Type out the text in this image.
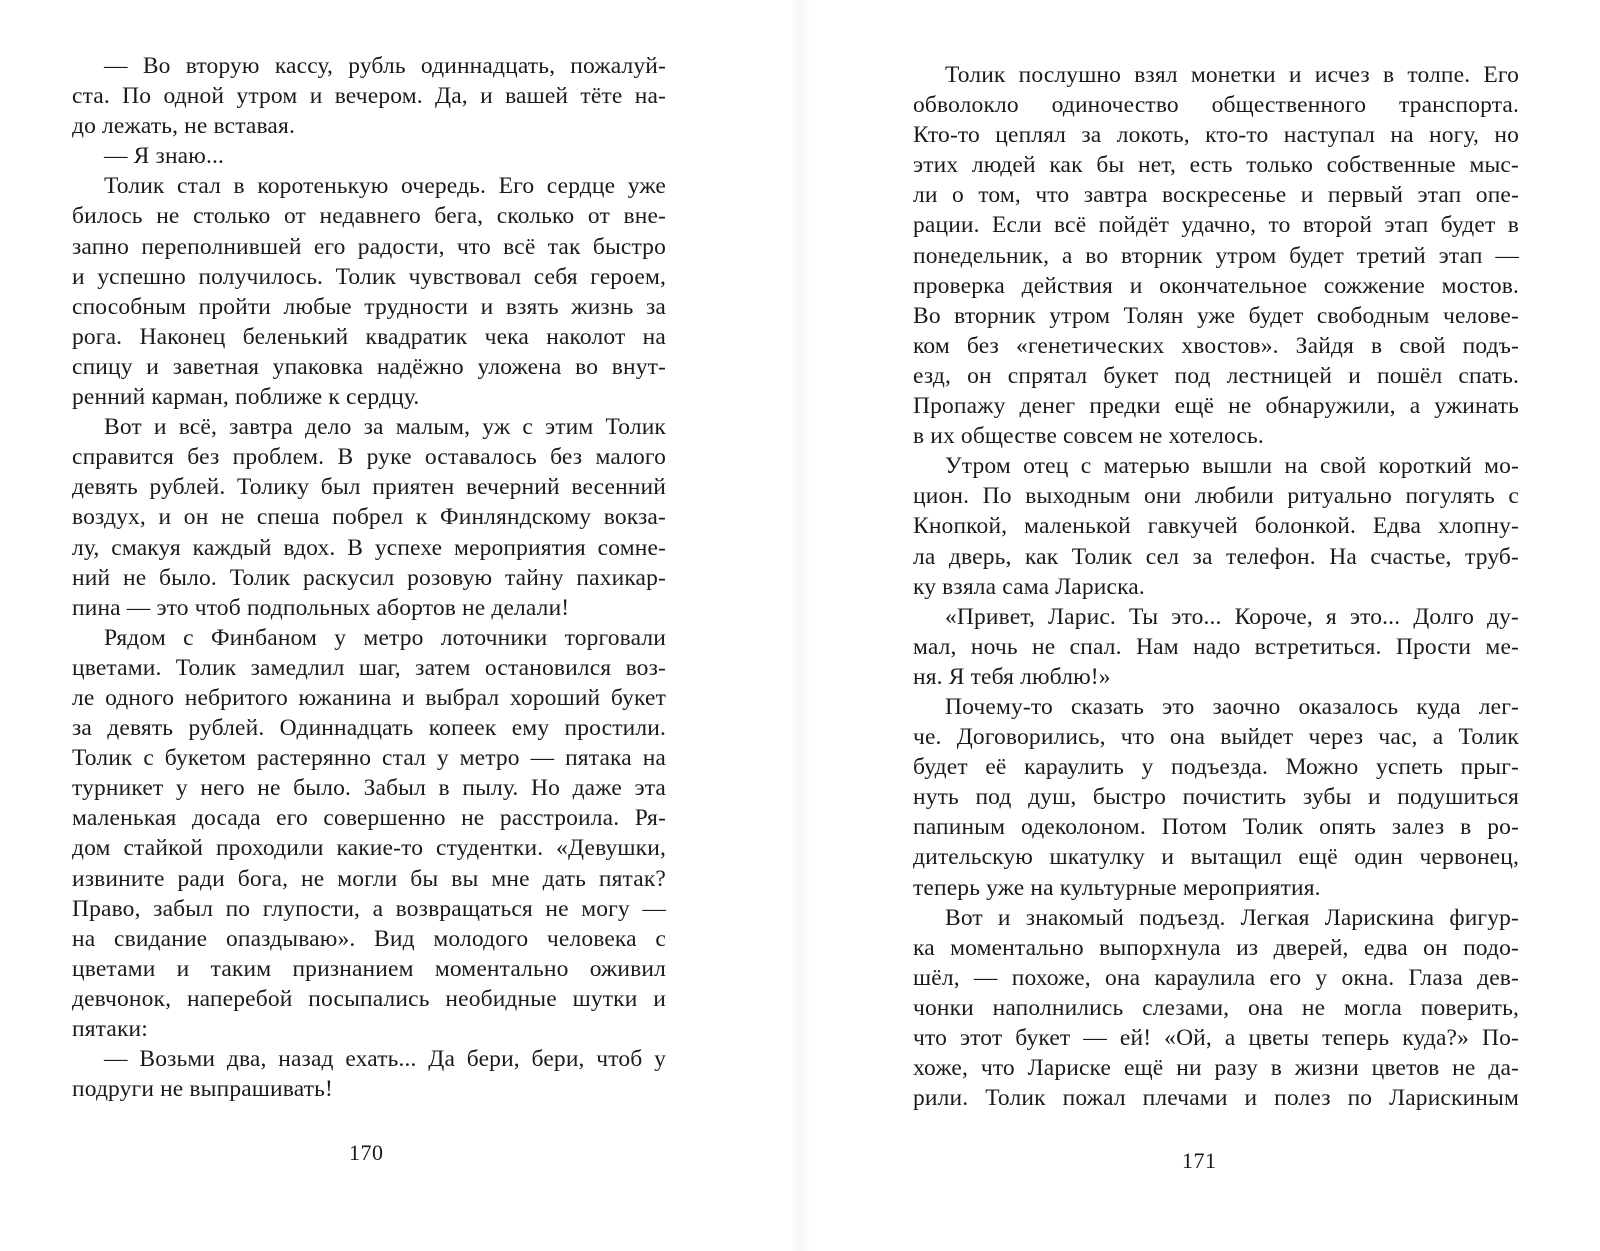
— Во вторую кассу, рубль одиннадцать, пожалуй-
ста. По одной утром и вечером. Да, и вашей тёте на-
до лежать, не вставая.
— Я знаю...
Толик стал в коротенькую очередь. Его сердце уже
билось не столько от недавнего бега, сколько от вне-
запно переполнившей его радости, что всё так быстро
и успешно получилось. Толик чувствовал себя героем,
способным пройти любые трудности и взять жизнь за
рога. Наконец беленький квадратик чека наколот на
спицу и заветная упаковка надёжно уложена во внут-
ренний карман, поближе к сердцу.
Вот и всё, завтра дело за малым, уж с этим Толик
справится без проблем. В руке оставалось без малого
девять рублей. Толику был приятен вечерний весенний
воздух, и он не спеша побрел к Финляндскому вокза-
лу, смакуя каждый вдох. В успехе мероприятия сомне-
ний не было. Толик раскусил розовую тайну пахикар-
пина — это чтоб подпольных абортов не делали!
Рядом с Финбаном у метро лоточники торговали
цветами. Толик замедлил шаг, затем остановился воз-
ле одного небритого южанина и выбрал хороший букет
за девять рублей. Одиннадцать копеек ему простили.
Толик с букетом растерянно стал у метро — пятака на
турникет у него не было. Забыл в пылу. Но даже эта
маленькая досада его совершенно не расстроила. Ря-
дом стайкой проходили какие-то студентки. «Девушки,
извините ради бога, не могли бы вы мне дать пятак?
Право, забыл по глупости, а возвращаться не могу —
на свидание опаздываю». Вид молодого человека с
цветами и таким признанием моментально оживил
девчонок, наперебой посыпались необидные шутки и
пятаки:
— Возьми два, назад ехать... Да бери, бери, чтоб у
подруги не выпрашивать!
170
Толик послушно взял монетки и исчез в толпе. Его
обволокло одиночество общественного транспорта.
Кто-то цеплял за локоть, кто-то наступал на ногу, но
этих людей как бы нет, есть только собственные мыс-
ли о том, что завтра воскресенье и первый этап опе-
рации. Если всё пойдёт удачно, то второй этап будет в
понедельник, а во вторник утром будет третий этап —
проверка действия и окончательное сожжение мостов.
Во вторник утром Толян уже будет свободным челове-
ком без «генетических хвостов». Зайдя в свой подъ-
езд, он спрятал букет под лестницей и пошёл спать.
Пропажу денег предки ещё не обнаружили, а ужинать
в их обществе совсем не хотелось.
Утром отец с матерью вышли на свой короткий мо-
цион. По выходным они любили ритуально погулять с
Кнопкой, маленькой гавкучей болонкой. Едва хлопну-
ла дверь, как Толик сел за телефон. На счастье, труб-
ку взяла сама Лариска.
«Привет, Ларис. Ты это... Короче, я это... Долго ду-
мал, ночь не спал. Нам надо встретиться. Прости ме-
ня. Я тебя люблю!»
Почему-то сказать это заочно оказалось куда лег-
че. Договорились, что она выйдет через час, а Толик
будет её караулить у подъезда. Можно успеть прыг-
нуть под душ, быстро почистить зубы и подушиться
папиным одеколоном. Потом Толик опять залез в ро-
дительскую шкатулку и вытащил ещё один червонец,
теперь уже на культурные мероприятия.
Вот и знакомый подъезд. Легкая Ларискина фигур-
ка моментально выпорхнула из дверей, едва он подо-
шёл, — похоже, она караулила его у окна. Глаза дев-
чонки наполнились слезами, она не могла поверить,
что этот букет — ей! «Ой, а цветы теперь куда?» По-
хоже, что Лариске ещё ни разу в жизни цветов не да-
рили. Толик пожал плечами и полез по Ларискиным
171
